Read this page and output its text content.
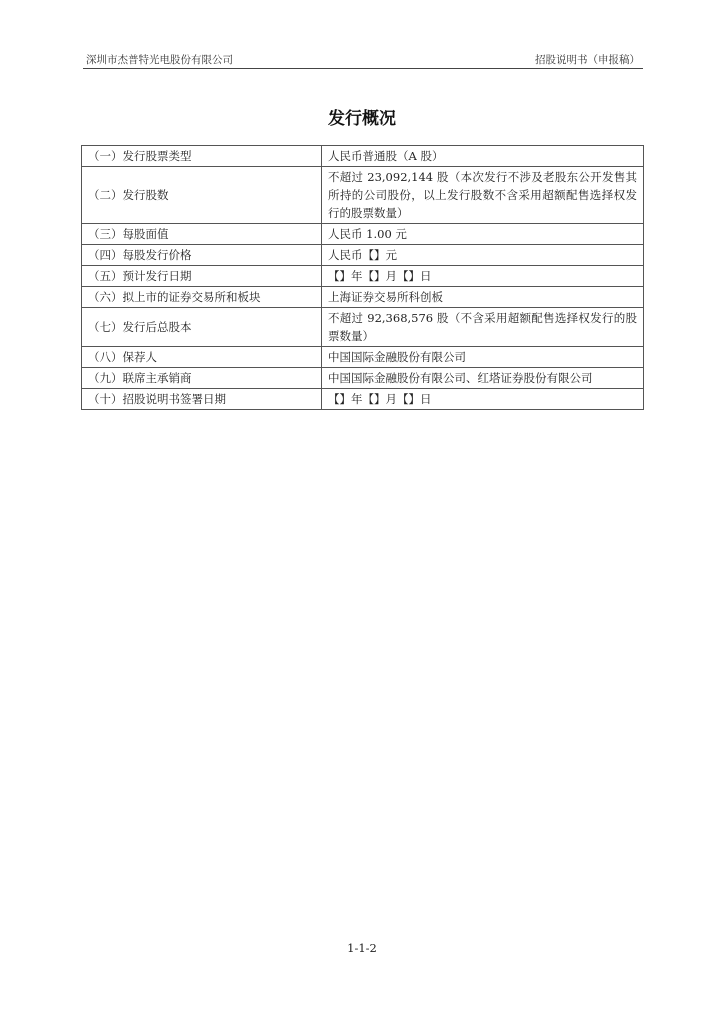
深圳市杰普特光电股份有限公司	招股说明书（申报稿）
发行概况
（一）发行股票类型	人民币普通股（A 股）
（二）发行股数	不超过 23,092,144 股（本次发行不涉及老股东公开发售其所持的公司股份，以上发行股数不含采用超额配售选择权发行的股票数量）
（三）每股面值	人民币 1.00 元
（四）每股发行价格	人民币【】元
（五）预计发行日期	【】年【】月【】日
（六）拟上市的证券交易所和板块	上海证券交易所科创板
（七）发行后总股本	不超过 92,368,576 股（不含采用超额配售选择权发行的股票数量）
（八）保荐人	中国国际金融股份有限公司
（九）联席主承销商	中国国际金融股份有限公司、红塔证券股份有限公司
（十）招股说明书签署日期	【】年【】月【】日
1-1-2
